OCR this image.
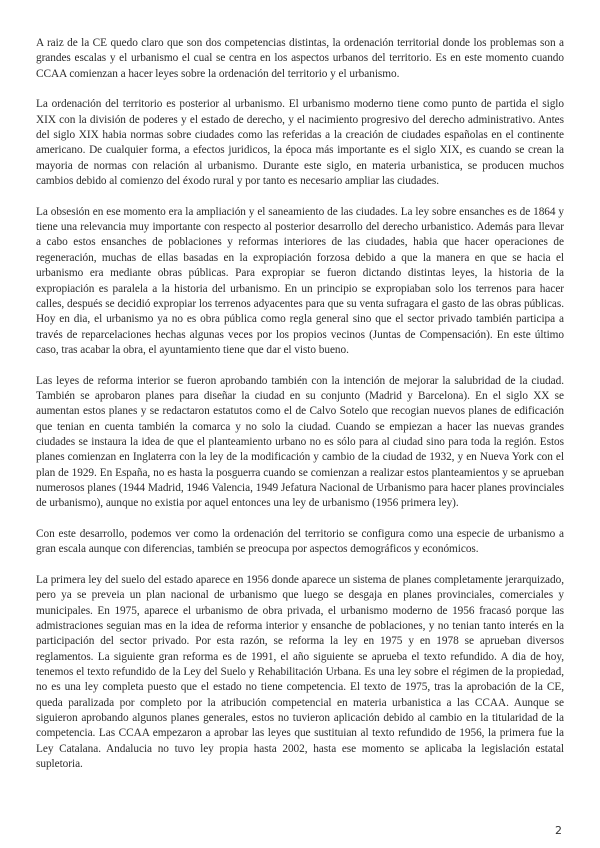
A raiz de la CE quedo claro que son dos competencias distintas, la ordenación territorial donde los problemas son a grandes escalas y el urbanismo el cual se centra en los aspectos urbanos del territorio. Es en este momento cuando CCAA comienzan a hacer leyes sobre la ordenación del territorio y el urbanismo.

La ordenación del territorio es posterior al urbanismo. El urbanismo moderno tiene como punto de partida el siglo XIX con la división de poderes y el estado de derecho, y el nacimiento progresivo del derecho administrativo. Antes del siglo XIX habia normas sobre ciudades como las referidas a la creación de ciudades españolas en el continente americano. De cualquier forma, a efectos juridicos, la época más importante es el siglo XIX, es cuando se crean la mayoria de normas con relación al urbanismo. Durante este siglo, en materia urbanistica, se producen muchos cambios debido al comienzo del éxodo rural y por tanto es necesario ampliar las ciudades.

La obsesión en ese momento era la ampliación y el saneamiento de las ciudades. La ley sobre ensanches es de 1864 y tiene una relevancia muy importante con respecto al posterior desarrollo del derecho urbanistico. Además para llevar a cabo estos ensanches de poblaciones y reformas interiores de las ciudades, habia que hacer operaciones de regeneración, muchas de ellas basadas en la expropiación forzosa debido a que la manera en que se hacia el urbanismo era mediante obras públicas. Para expropiar se fueron dictando distintas leyes, la historia de la expropiación es paralela a la historia del urbanismo. En un principio se expropiaban solo los terrenos para hacer calles, después se decidió expropiar los terrenos adyacentes para que su venta sufragara el gasto de las obras públicas. Hoy en dia, el urbanismo ya no es obra pública como regla general sino que el sector privado también participa a través de reparcelaciones hechas algunas veces por los propios vecinos (Juntas de Compensación). En este último caso, tras acabar la obra, el ayuntamiento tiene que dar el visto bueno.

Las leyes de reforma interior se fueron aprobando también con la intención de mejorar la salubridad de la ciudad. También se aprobaron planes para diseñar la ciudad en su conjunto (Madrid y Barcelona). En el siglo XX se aumentan estos planes y se redactaron estatutos como el de Calvo Sotelo que recogian nuevos planes de edificación que tenian en cuenta también la comarca y no solo la ciudad. Cuando se empiezan a hacer las nuevas grandes ciudades se instaura la idea de que el planteamiento urbano no es sólo para al ciudad sino para toda la región. Estos planes comienzan en Inglaterra con la ley de la modificación y cambio de la ciudad de 1932, y en Nueva York con el plan de 1929. En España, no es hasta la posguerra cuando se comienzan a realizar estos planteamientos y se aprueban numerosos planes (1944 Madrid, 1946 Valencia, 1949 Jefatura Nacional de Urbanismo para hacer planes provinciales de urbanismo), aunque no existia por aquel entonces una ley de urbanismo (1956 primera ley).

Con este desarrollo, podemos ver como la ordenación del territorio se configura como una especie de urbanismo a gran escala aunque con diferencias, también se preocupa por aspectos demográficos y económicos.

La primera ley del suelo del estado aparece en 1956 donde aparece un sistema de planes completamente jerarquizado, pero ya se preveia un plan nacional de urbanismo que luego se desgaja en planes provinciales, comerciales y municipales. En 1975, aparece el urbanismo de obra privada, el urbanismo moderno de 1956 fracasó porque las admistraciones seguian mas en la idea de reforma interior y ensanche de poblaciones, y no tenian tanto interés en la participación del sector privado. Por esta razón, se reforma la ley en 1975 y en 1978 se aprueban diversos reglamentos. La siguiente gran reforma es de 1991, el año siguiente se aprueba el texto refundido. A dia de hoy, tenemos el texto refundido de la Ley del Suelo y Rehabilitación Urbana. Es una ley sobre el régimen de la propiedad, no es una ley completa puesto que el estado no tiene competencia. El texto de 1975, tras la aprobación de la CE, queda paralizada por completo por la atribución competencial en materia urbanistica a las CCAA. Aunque se siguieron aprobando algunos planes generales, estos no tuvieron aplicación debido al cambio en la titularidad de la competencia. Las CCAA empezaron a aprobar las leyes que sustituian al texto refundido de 1956, la primera fue la Ley Catalana. Andalucia no tuvo ley propia hasta 2002, hasta ese momento se aplicaba la legislación estatal supletoria.

2
